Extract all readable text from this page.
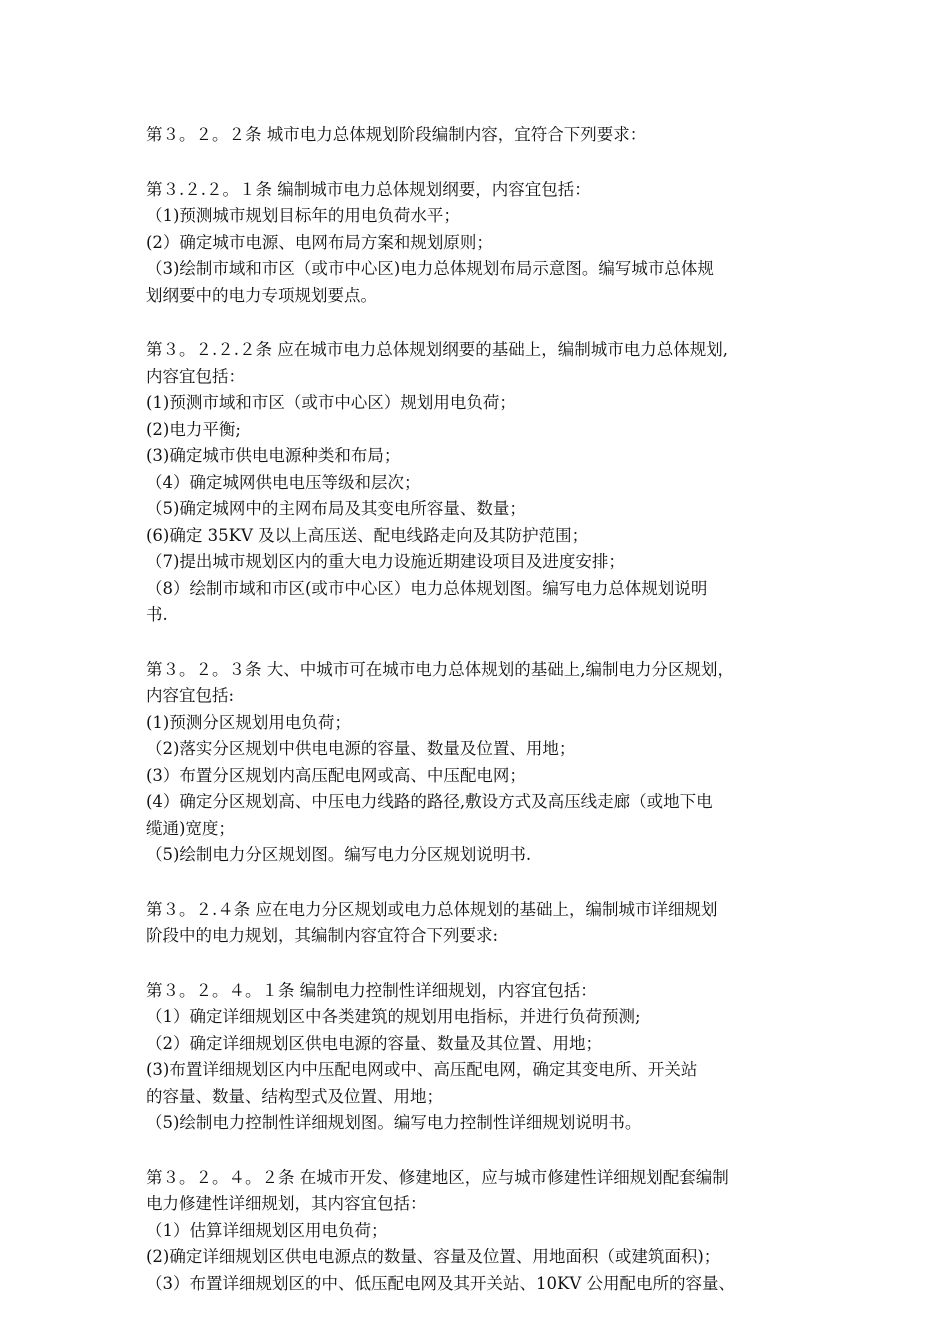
第３。２。２条 城市电力总体规划阶段编制内容，宜符合下列要求：
第３.２.２。１条 编制城市电力总体规划纲要，内容宜包括：
（1)预测城市规划目标年的用电负荷水平；
(2）确定城市电源、电网布局方案和规划原则；
（3)绘制市域和市区（或市中心区)电力总体规划布局示意图。编写城市总体规
划纲要中的电力专项规划要点。
第３。２.２.２条 应在城市电力总体规划纲要的基础上，编制城市电力总体规划,
内容宜包括：
(1)预测市域和市区（或市中心区）规划用电负荷；
(2)电力平衡;
(3)确定城市供电电源种类和布局；
（4）确定城网供电电压等级和层次；
（5)确定城网中的主网布局及其变电所容量、数量；
(6)确定 35KV 及以上高压送、配电线路走向及其防护范围；
（7)提出城市规划区内的重大电力设施近期建设项目及进度安排；
（8）绘制市域和市区(或市中心区）电力总体规划图。编写电力总体规划说明
书.
第３。２。３条 大、中城市可在城市电力总体规划的基础上,编制电力分区规划，
内容宜包括:
(1)预测分区规划用电负荷；
（2)落实分区规划中供电电源的容量、数量及位置、用地；
(3）布置分区规划内高压配电网或高、中压配电网；
(4）确定分区规划高、中压电力线路的路径,敷设方式及高压线走廊（或地下电
缆通)宽度；
（5)绘制电力分区规划图。编写电力分区规划说明书.
第３。２.４条 应在电力分区规划或电力总体规划的基础上，编制城市详细规划
阶段中的电力规划，其编制内容宜符合下列要求:
第３。２。４。１条 编制电力控制性详细规划，内容宜包括：
（1）确定详细规划区中各类建筑的规划用电指标，并进行负荷预测;
（2）确定详细规划区供电电源的容量、数量及其位置、用地；
(3)布置详细规划区内中压配电网或中、高压配电网，确定其变电所、开关站
的容量、数量、结构型式及位置、用地；
（5)绘制电力控制性详细规划图。编写电力控制性详细规划说明书。
第３。２。４。２条 在城市开发、修建地区，应与城市修建性详细规划配套编制
电力修建性详细规划，其内容宜包括：
（1）估算详细规划区用电负荷；
(2)确定详细规划区供电电源点的数量、容量及位置、用地面积（或建筑面积)；
（3）布置详细规划区的中、低压配电网及其开关站、10KV 公用配电所的容量、
